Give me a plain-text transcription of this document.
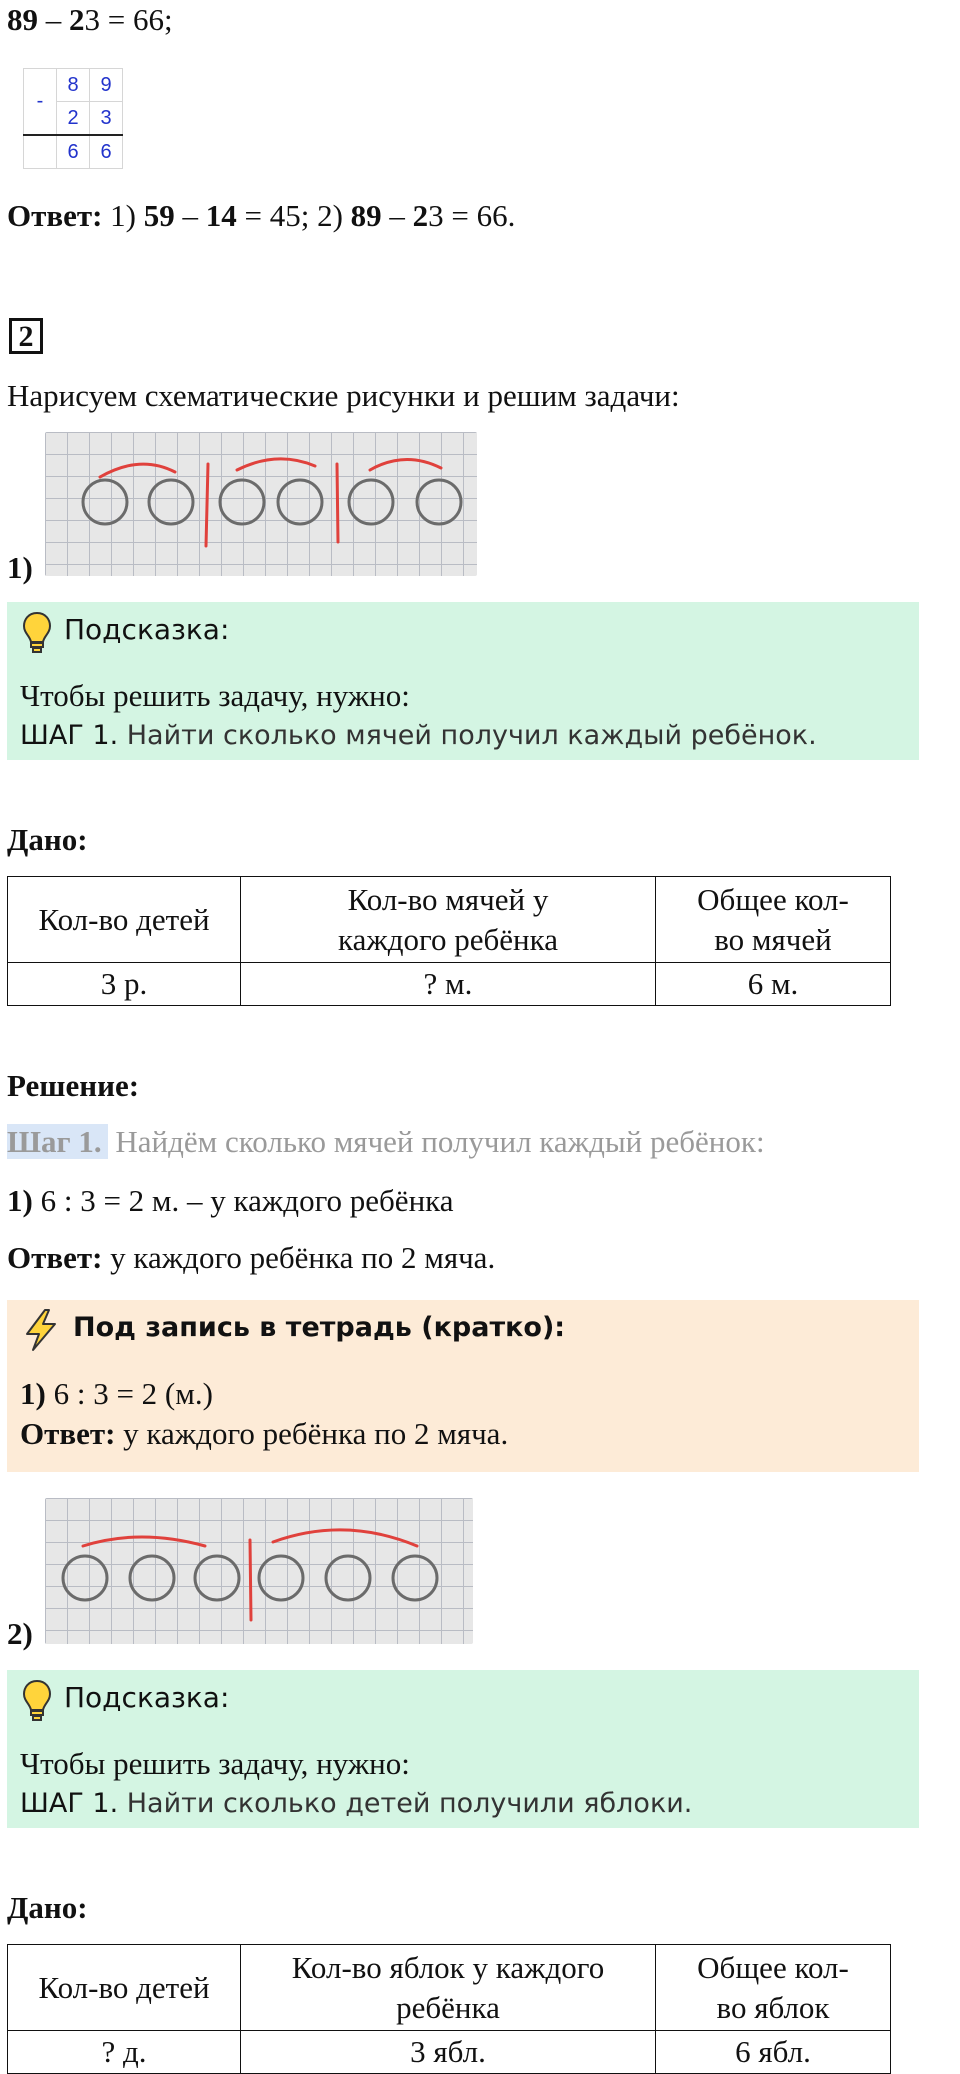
89 – 23 = 66;
-	8	9
	2	3
	6	6
Ответ: 1) 59 – 14 = 45; 2) 89 – 23 = 66.
2
Нарисуем схематические рисунки и решим задачи:
1)
Подсказка:
Чтобы решить задачу, нужно:
ШАГ 1. Найти сколько мячей получил каждый ребёнок.
Дано:
Кол-во детей	Кол-во мячей у каждого ребёнка	Общее кол-во мячей
3 р.	? м.	6 м.
Решение:
Шаг 1. Найдём сколько мячей получил каждый ребёнок:
1) 6 : 3 = 2 м. – у каждого ребёнка
Ответ: у каждого ребёнка по 2 мяча.
Под запись в тетрадь (кратко):
1) 6 : 3 = 2 (м.)
Ответ: у каждого ребёнка по 2 мяча.
2)
Подсказка:
Чтобы решить задачу, нужно:
ШАГ 1. Найти сколько детей получили яблоки.
Дано:
Кол-во детей	Кол-во яблок у каждого ребёнка	Общее кол-во яблок
? д.	3 ябл.	6 ябл.
